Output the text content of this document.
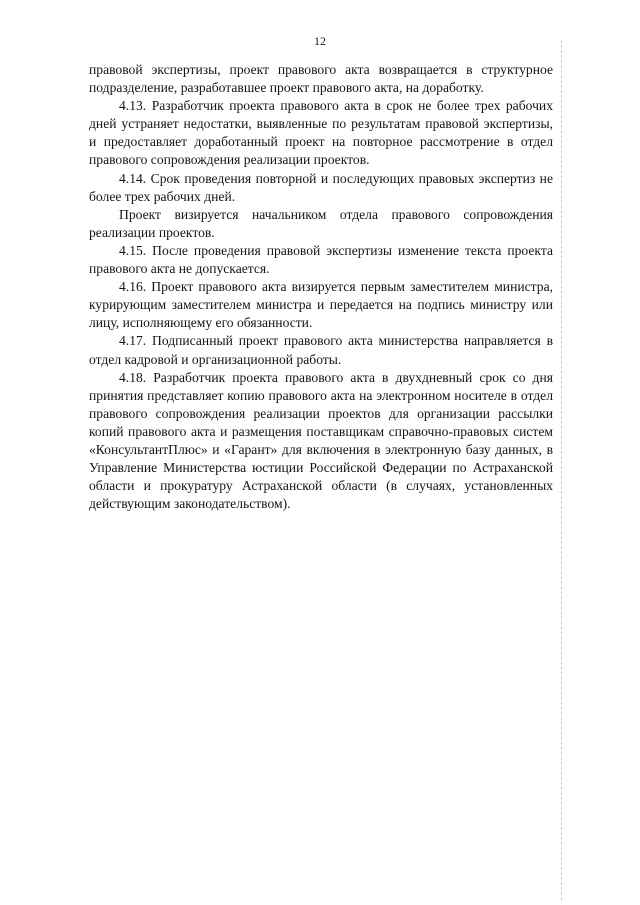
12

правовой экспертизы, проект правового акта возвращается в структурное подразделение, разработавшее проект правового акта, на доработку.

4.13. Разработчик проекта правового акта в срок не более трех рабочих дней устраняет недостатки, выявленные по результатам правовой экспертизы, и предоставляет доработанный проект на повторное рассмотрение в отдел правового сопровождения реализации проектов.

4.14. Срок проведения повторной и последующих правовых экспертиз не более трех рабочих дней.

Проект визируется начальником отдела правового сопровождения реализации проектов.

4.15. После проведения правовой экспертизы изменение текста проекта правового акта не допускается.

4.16. Проект правового акта визируется первым заместителем министра, курирующим заместителем министра и передается на подпись министру или лицу, исполняющему его обязанности.

4.17. Подписанный проект правового акта министерства направляется в отдел кадровой и организационной работы.

4.18. Разработчик проекта правового акта в двухдневный срок со дня принятия представляет копию правового акта на электронном носителе в отдел правового сопровождения реализации проектов для организации рассылки копий правового акта и размещения поставщикам справочно-правовых систем «КонсультантПлюс» и «Гарант» для включения в электронную базу данных, в Управление Министерства юстиции Российской Федерации по Астраханской области и прокуратуру Астраханской области (в случаях, установленных действующим законодательством).
